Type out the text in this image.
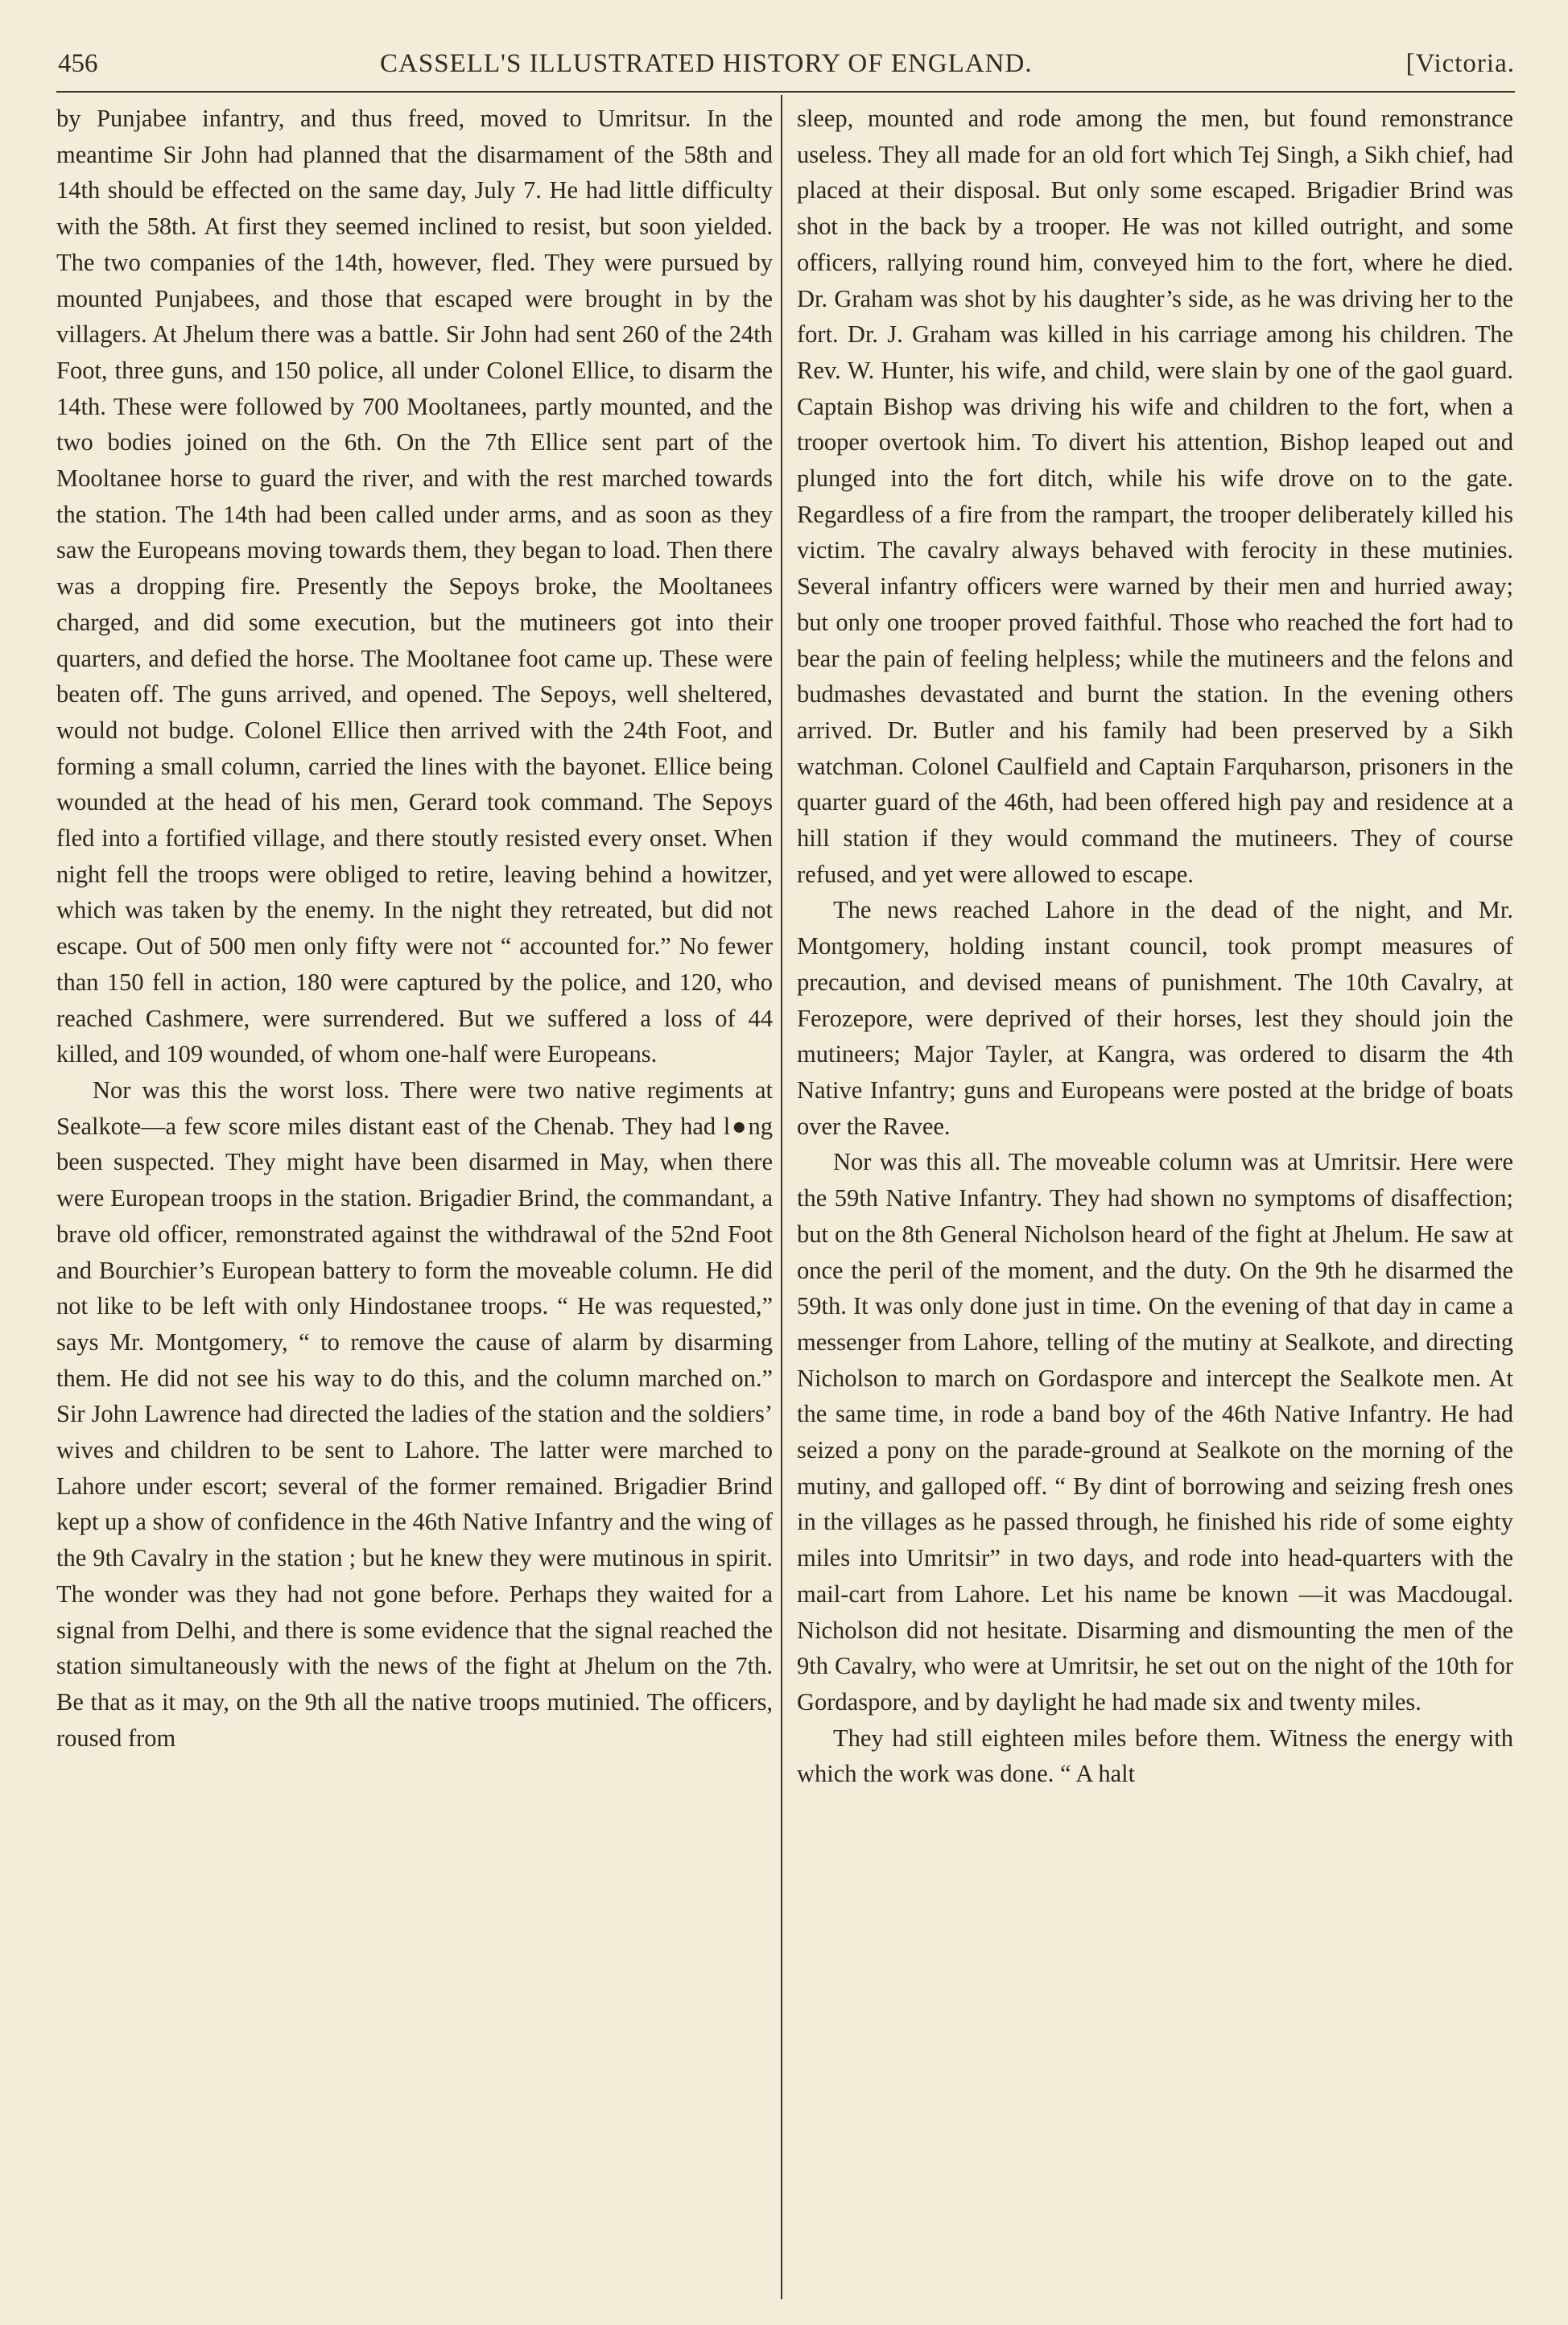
456	CASSELL'S ILLUSTRATED HISTORY OF ENGLAND.	[Victoria.

by Punjabee infantry, and thus freed, moved to Umritsur. In the meantime Sir John had planned that the disarmament of the 58th and 14th should be effected on the same day, July 7. He had little difficulty with the 58th. At first they seemed inclined to resist, but soon yielded. The two companies of the 14th, however, fled. They were pursued by mounted Punjabees, and those that escaped were brought in by the villagers. At Jhelum there was a battle. Sir John had sent 260 of the 24th Foot, three guns, and 150 police, all under Colonel Ellice, to disarm the 14th. These were followed by 700 Mooltanees, partly mounted, and the two bodies joined on the 6th. On the 7th Ellice sent part of the Mooltanee horse to guard the river, and with the rest marched towards the station. The 14th had been called under arms, and as soon as they saw the Europeans moving towards them, they began to load. Then there was a dropping fire. Presently the Sepoys broke, the Mooltanees charged, and did some execution, but the mutineers got into their quarters, and defied the horse. The Mooltanee foot came up. These were beaten off. The guns arrived, and opened. The Sepoys, well sheltered, would not budge. Colonel Ellice then arrived with the 24th Foot, and forming a small column, carried the lines with the bayonet. Ellice being wounded at the head of his men, Gerard took command. The Sepoys fled into a fortified village, and there stoutly resisted every onset. When night fell the troops were obliged to retire, leaving behind a howitzer, which was taken by the enemy. In the night they retreated, but did not escape. Out of 500 men only fifty were not “ accounted for.” No fewer than 150 fell in action, 180 were captured by the police, and 120, who reached Cashmere, were surrendered. But we suffered a loss of 44 killed, and 109 wounded, of whom one-half were Europeans.

Nor was this the worst loss. There were two native regiments at Sealkote—a few score miles distant east of the Chenab. They had l●ng been suspected. They might have been disarmed in May, when there were European troops in the station. Brigadier Brind, the commandant, a brave old officer, remonstrated against the withdrawal of the 52nd Foot and Bourchier’s European battery to form the moveable column. He did not like to be left with only Hindostanee troops. “ He was requested,” says Mr. Montgomery, “ to remove the cause of alarm by disarming them. He did not see his way to do this, and the column marched on.” Sir John Lawrence had directed the ladies of the station and the soldiers’ wives and children to be sent to Lahore. The latter were marched to Lahore under escort; several of the former remained. Brigadier Brind kept up a show of confidence in the 46th Native Infantry and the wing of the 9th Cavalry in the station ; but he knew they were mutinous in spirit. The wonder was they had not gone before. Perhaps they waited for a signal from Delhi, and there is some evidence that the signal reached the station simultaneously with the news of the fight at Jhelum on the 7th. Be that as it may, on the 9th all the native troops mutinied. The officers, roused from

sleep, mounted and rode among the men, but found remonstrance useless. They all made for an old fort which Tej Singh, a Sikh chief, had placed at their disposal. But only some escaped. Brigadier Brind was shot in the back by a trooper. He was not killed outright, and some officers, rallying round him, conveyed him to the fort, where he died. Dr. Graham was shot by his daughter’s side, as he was driving her to the fort. Dr. J. Graham was killed in his carriage among his children. The Rev. W. Hunter, his wife, and child, were slain by one of the gaol guard. Captain Bishop was driving his wife and children to the fort, when a trooper overtook him. To divert his attention, Bishop leaped out and plunged into the fort ditch, while his wife drove on to the gate. Regardless of a fire from the rampart, the trooper deliberately killed his victim. The cavalry always behaved with ferocity in these mutinies. Several infantry officers were warned by their men and hurried away; but only one trooper proved faithful. Those who reached the fort had to bear the pain of feeling helpless; while the mutineers and the felons and budmashes devastated and burnt the station. In the evening others arrived. Dr. Butler and his family had been preserved by a Sikh watchman. Colonel Caulfield and Captain Farquharson, prisoners in the quarter guard of the 46th, had been offered high pay and residence at a hill station if they would command the mutineers. They of course refused, and yet were allowed to escape.

The news reached Lahore in the dead of the night, and Mr. Montgomery, holding instant council, took prompt measures of precaution, and devised means of punishment. The 10th Cavalry, at Ferozepore, were deprived of their horses, lest they should join the mutineers; Major Tayler, at Kangra, was ordered to disarm the 4th Native Infantry; guns and Europeans were posted at the bridge of boats over the Ravee.

Nor was this all. The moveable column was at Umritsir. Here were the 59th Native Infantry. They had shown no symptoms of disaffection; but on the 8th General Nicholson heard of the fight at Jhelum. He saw at once the peril of the moment, and the duty. On the 9th he disarmed the 59th. It was only done just in time. On the evening of that day in came a messenger from Lahore, telling of the mutiny at Sealkote, and directing Nicholson to march on Gordaspore and intercept the Sealkote men. At the same time, in rode a band boy of the 46th Native Infantry. He had seized a pony on the parade-ground at Sealkote on the morning of the mutiny, and galloped off. “ By dint of borrowing and seizing fresh ones in the villages as he passed through, he finished his ride of some eighty miles into Umritsir” in two days, and rode into head-quarters with the mail-cart from Lahore. Let his name be known —it was Macdougal. Nicholson did not hesitate. Disarming and dismounting the men of the 9th Cavalry, who were at Umritsir, he set out on the night of the 10th for Gordaspore, and by daylight he had made six and twenty miles.

They had still eighteen miles before them. Witness the energy with which the work was done. “ A halt
